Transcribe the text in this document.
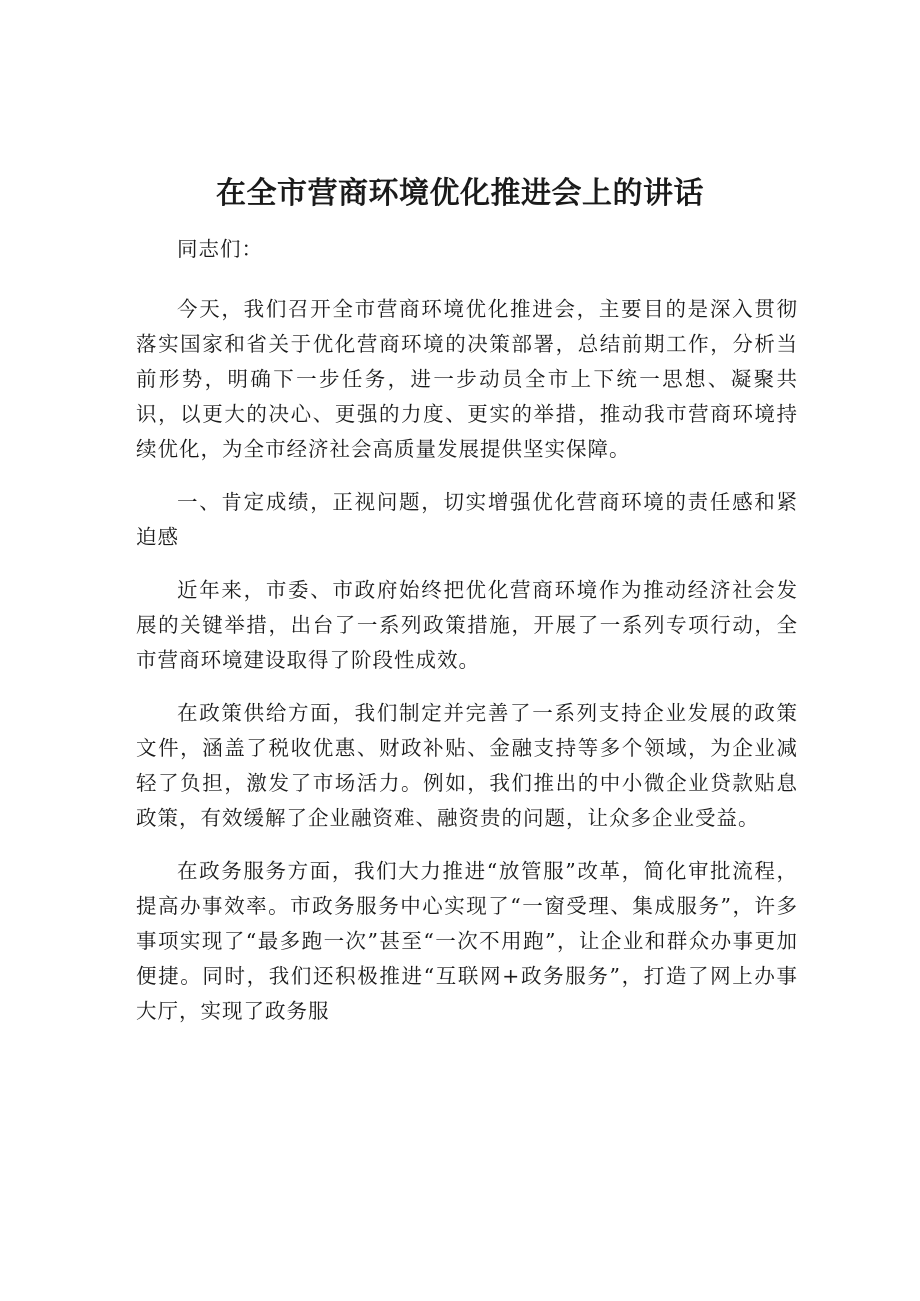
在全市营商环境优化推进会上的讲话

同志们：

今天，我们召开全市营商环境优化推进会，主要目的是深入贯彻落实国家和省关于优化营商环境的决策部署，总结前期工作，分析当前形势，明确下一步任务，进一步动员全市上下统一思想、凝聚共识，以更大的决心、更强的力度、更实的举措，推动我市营商环境持续优化，为全市经济社会高质量发展提供坚实保障。

一、肯定成绩，正视问题，切实增强优化营商环境的责任感和紧迫感

近年来，市委、市政府始终把优化营商环境作为推动经济社会发展的关键举措，出台了一系列政策措施，开展了一系列专项行动，全市营商环境建设取得了阶段性成效。

在政策供给方面，我们制定并完善了一系列支持企业发展的政策文件，涵盖了税收优惠、财政补贴、金融支持等多个领域，为企业减轻了负担，激发了市场活力。例如，我们推出的中小微企业贷款贴息政策，有效缓解了企业融资难、融资贵的问题，让众多企业受益。

在政务服务方面，我们大力推进“放管服”改革，简化审批流程，提高办事效率。市政务服务中心实现了“一窗受理、集成服务”，许多事项实现了“最多跑一次”甚至“一次不用跑”，让企业和群众办事更加便捷。同时，我们还积极推进“互联网+政务服务”，打造了网上办事大厅，实现了政务服
